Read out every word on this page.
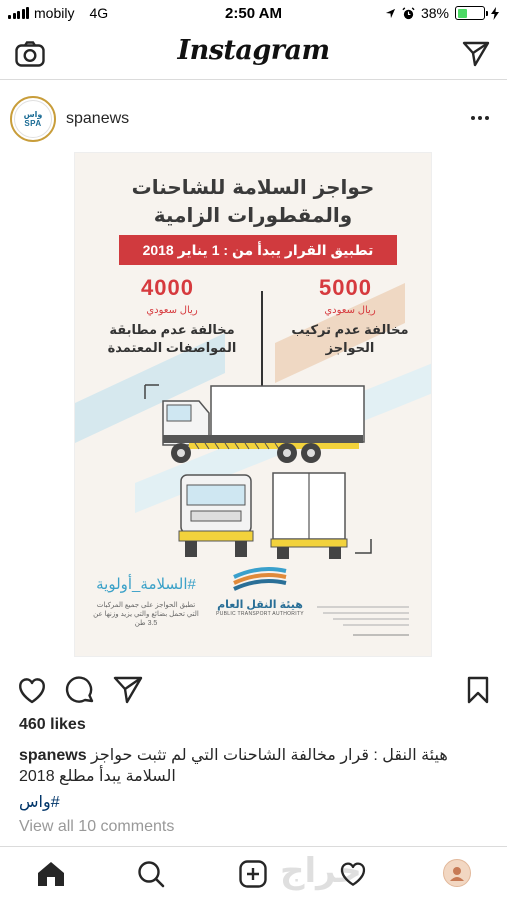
mobily 4G	2:50 AM	38%
Instagram
واس
SPA spanews
حواجز السلامة للشاحنات والمقطورات الزامية
تطبيق القرار يبدأ من : 1 يناير 2018
5000
ريال سعودي
مخالفة عدم تركيب الحواجز
4000
ريال سعودي
مخالفة عدم مطابقة المواصفات المعتمدة
#السلامة_أولوية
تطبق الحواجز على جميع المركبات التي تحمل بضائع والتي يزيد وزنها عن 3.5 طن
هيئة النقل العام
PUBLIC TRANSPORT AUTHORITY
460 likes
spanews هيئة النقل : قرار مخالفة الشاحنات التي لم تثبت حواجز السلامة يبدأ مطلع 2018
#واس
View all 10 comments
حراج
